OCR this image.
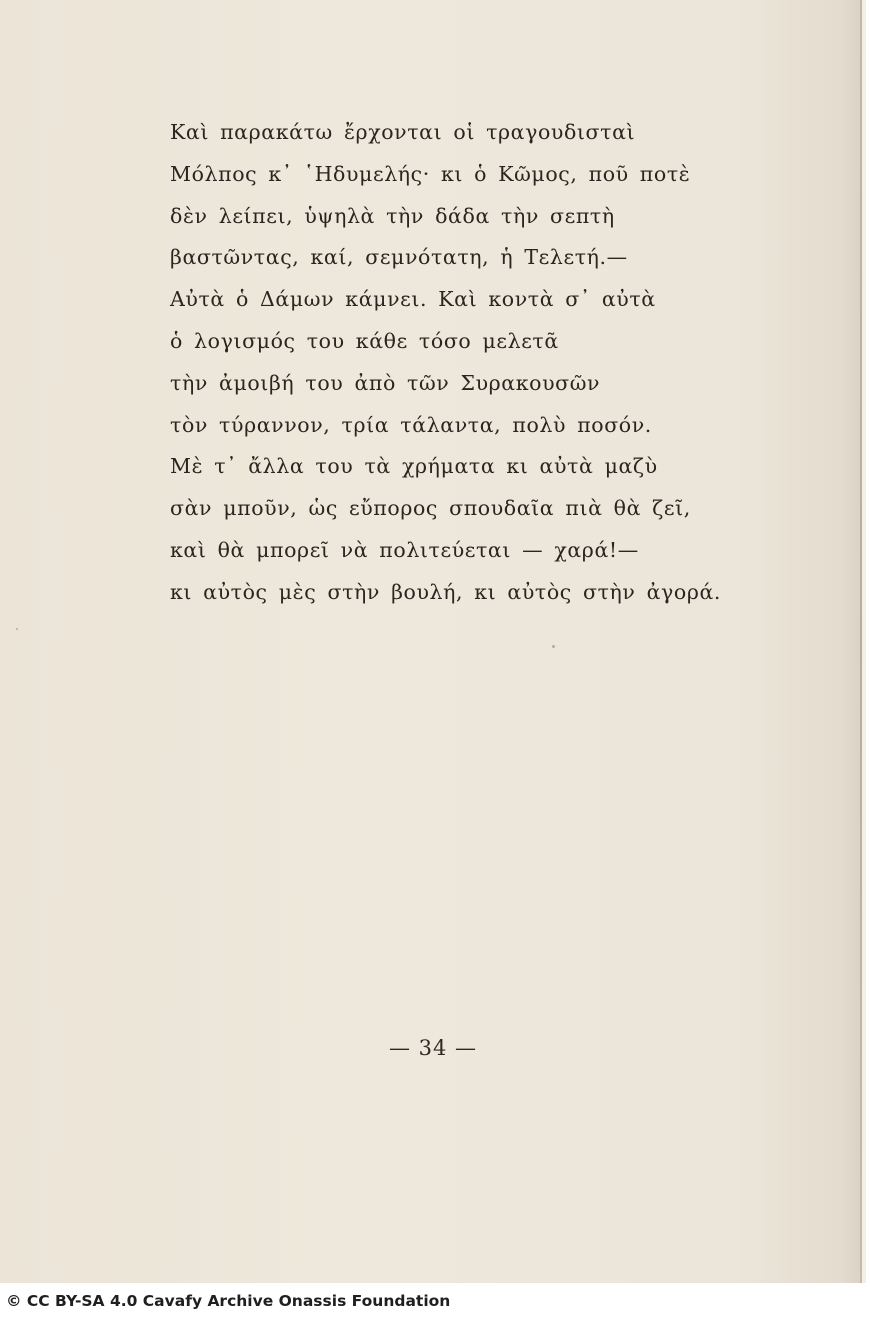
Καὶ παρακάτω ἔρχονται οἱ τραγουδισταὶ
Μόλπος κ᾿ ῾Ηδυμελής· κι ὁ Κῶμος, ποῦ ποτὲ
δὲν λείπει, ὑψηλὰ τὴν δάδα τὴν σεπτὴ
βαστῶντας, καί, σεμνότατη, ἡ Τελετή.—
Αὐτὰ ὁ Δάμων κάμνει. Καὶ κοντὰ σ᾿ αὐτὰ
ὁ λογισμός του κάθε τόσο μελετᾶ
τὴν ἀμοιβή του ἀπὸ τῶν Συρακουσῶν
τὸν τύραννον, τρία τάλαντα, πολὺ ποσόν.
Μὲ τ᾿ ἄλλα του τὰ χρήματα κι αὐτὰ μαζὺ
σὰν μποῦν, ὡς εὔπορος σπουδαῖα πιὰ θὰ ζεῖ,
καὶ θὰ μπορεῖ νὰ πολιτεύεται — χαρά!—
κι αὐτὸς μὲς στὴν βουλή, κι αὐτὸς στὴν ἀγορά.
— 34 —
© CC BY-SA 4.0 Cavafy Archive Onassis Foundation
